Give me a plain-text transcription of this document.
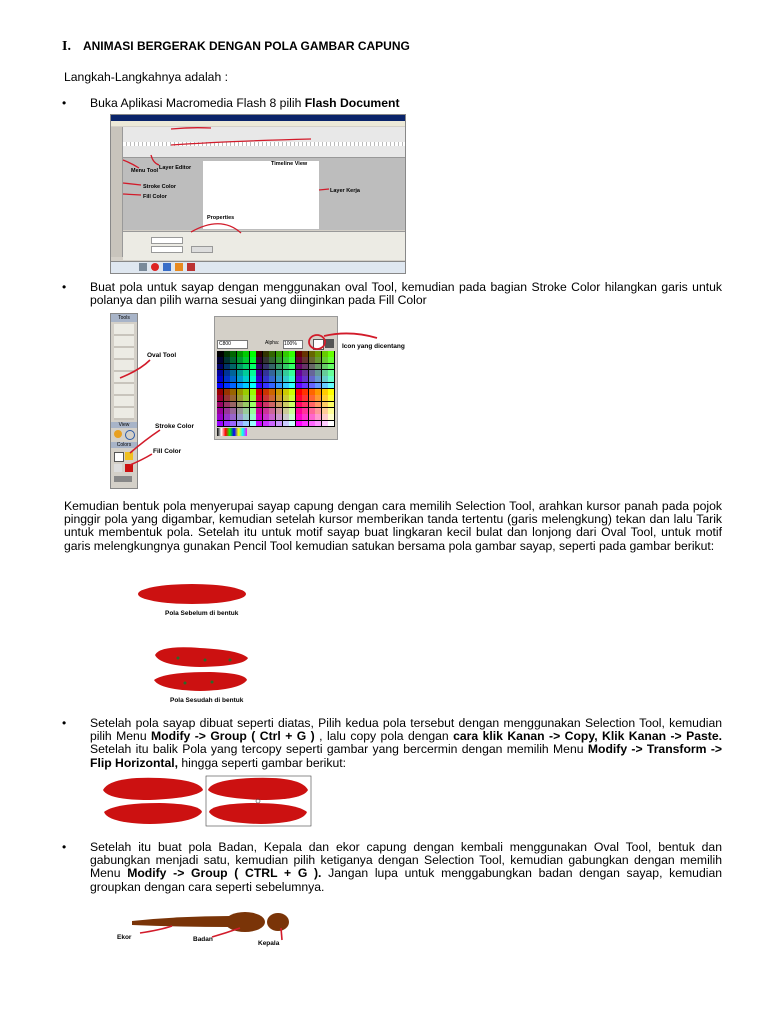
I. ANIMASI BERGERAK DENGAN POLA GAMBAR CAPUNG
Langkah-Langkahnya adalah :
• Buka Aplikasi Macromedia Flash 8 pilih Flash Document
Layer Editor
Timeline View
Menu Tool
Stroke Color
Fill Color
Layer Kerja
Properties
• Buat pola untuk sayap dengan menggunakan oval Tool, kemudian pada bagian Stroke Color hilangkan garis untuk polanya dan pilih warna sesuai yang diinginkan pada Fill Color
Tools
View
Colors
Oval Tool
Stroke Color
Fill Color
C800	Alpha: 100%	Icon yang dicentang
Kemudian bentuk pola menyerupai sayap capung dengan cara memilih Selection Tool, arahkan kursor panah pada pojok pinggir pola yang digambar, kemudian setelah kursor memberikan tanda tertentu (garis melengkung) tekan dan lalu Tarik untuk membentuk pola. Setelah itu untuk motif sayap buat lingkaran kecil bulat dan lonjong dari Oval Tool, untuk motif garis melengkungnya gunakan Pencil Tool kemudian satukan bersama pola gambar sayap, seperti pada gambar berikut:
Pola Sebelum di bentuk
Pola Sesudah di bentuk
• Setelah pola sayap dibuat seperti diatas, Pilih kedua pola tersebut dengan menggunakan Selection Tool, kemudian pilih Menu Modify -> Group ( Ctrl + G ) , lalu copy pola dengan cara klik Kanan -> Copy, Klik Kanan -> Paste. Setelah itu balik Pola yang tercopy seperti gambar yang bercermin dengan memilih Menu Modify -> Transform -> Flip Horizontal, hingga seperti gambar berikut:
• Setelah itu buat pola Badan, Kepala dan ekor capung dengan kembali menggunakan Oval Tool, bentuk dan gabungkan menjadi satu, kemudian pilih ketiganya dengan Selection Tool, kemudian gabungkan dengan memilih Menu Modify -> Group ( CTRL + G ). Jangan lupa untuk menggabungkan badan dengan sayap, kemudian groupkan dengan cara seperti sebelumnya.
Ekor	Badan
Kepala
